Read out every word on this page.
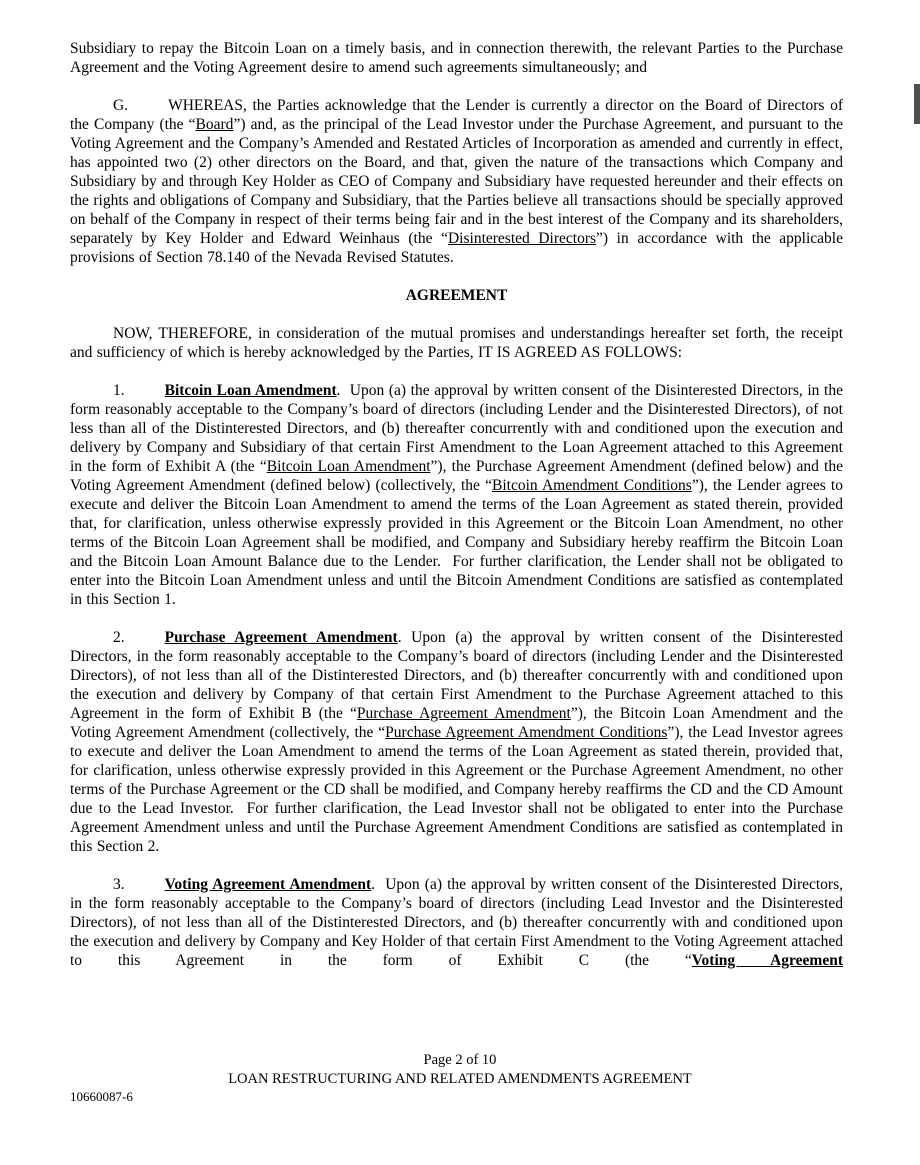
Subsidiary to repay the Bitcoin Loan on a timely basis, and in connection therewith, the relevant Parties to the Purchase Agreement and the Voting Agreement desire to amend such agreements simultaneously; and

G.	WHEREAS, the Parties acknowledge that the Lender is currently a director on the Board of Directors of the Company (the “Board”) and, as the principal of the Lead Investor under the Purchase Agreement, and pursuant to the Voting Agreement and the Company’s Amended and Restated Articles of Incorporation as amended and currently in effect, has appointed two (2) other directors on the Board, and that, given the nature of the transactions which Company and Subsidiary by and through Key Holder as CEO of Company and Subsidiary have requested hereunder and their effects on the rights and obligations of Company and Subsidiary, that the Parties believe all transactions should be specially approved on behalf of the Company in respect of their terms being fair and in the best interest of the Company and its shareholders, separately by Key Holder and Edward Weinhaus (the “Disinterested Directors”) in accordance with the applicable provisions of Section 78.140 of the Nevada Revised Statutes.

AGREEMENT

NOW, THEREFORE, in consideration of the mutual promises and understandings hereafter set forth, the receipt and sufficiency of which is hereby acknowledged by the Parties, IT IS AGREED AS FOLLOWS:

1.	Bitcoin Loan Amendment.  Upon (a) the approval by written consent of the Disinterested Directors, in the form reasonably acceptable to the Company’s board of directors (including Lender and the Disinterested Directors), of not less than all of the Distinterested Directors, and (b) thereafter concurrently with and conditioned upon the execution and delivery by Company and Subsidiary of that certain First Amendment to the Loan Agreement attached to this Agreement in the form of Exhibit A (the “Bitcoin Loan Amendment”), the Purchase Agreement Amendment (defined below) and the Voting Agreement Amendment (defined below) (collectively, the “Bitcoin Amendment Conditions”), the Lender agrees to execute and deliver the Bitcoin Loan Amendment to amend the terms of the Loan Agreement as stated therein, provided that, for clarification, unless otherwise expressly provided in this Agreement or the Bitcoin Loan Amendment, no other terms of the Bitcoin Loan Agreement shall be modified, and Company and Subsidiary hereby reaffirm the Bitcoin Loan and the Bitcoin Loan Amount Balance due to the Lender.  For further clarification, the Lender shall not be obligated to enter into the Bitcoin Loan Amendment unless and until the Bitcoin Amendment Conditions are satisfied as contemplated in this Section 1.

2.	Purchase Agreement Amendment. Upon (a) the approval by written consent of the Disinterested Directors, in the form reasonably acceptable to the Company’s board of directors (including Lender and the Disinterested Directors), of not less than all of the Distinterested Directors, and (b) thereafter concurrently with and conditioned upon the execution and delivery by Company of that certain First Amendment to the Purchase Agreement attached to this Agreement in the form of Exhibit B (the “Purchase Agreement Amendment”), the Bitcoin Loan Amendment and the Voting Agreement Amendment (collectively, the “Purchase Agreement Amendment Conditions”), the Lead Investor agrees to execute and deliver the Loan Amendment to amend the terms of the Loan Agreement as stated therein, provided that, for clarification, unless otherwise expressly provided in this Agreement or the Purchase Agreement Amendment, no other terms of the Purchase Agreement or the CD shall be modified, and Company hereby reaffirms the CD and the CD Amount due to the Lead Investor.  For further clarification, the Lead Investor shall not be obligated to enter into the Purchase Agreement Amendment unless and until the Purchase Agreement Amendment Conditions are satisfied as contemplated in this Section 2.

3.	Voting Agreement Amendment.  Upon (a) the approval by written consent of the Disinterested Directors, in the form reasonably acceptable to the Company’s board of directors (including Lead Investor and the Disinterested Directors), of not less than all of the Distinterested Directors, and (b) thereafter concurrently with and conditioned upon the execution and delivery by Company and Key Holder of that certain First Amendment to the Voting Agreement attached to this Agreement in the form of Exhibit C (the “Voting Agreement

Page 2 of 10
LOAN RESTRUCTURING AND RELATED AMENDMENTS AGREEMENT
10660087-6
